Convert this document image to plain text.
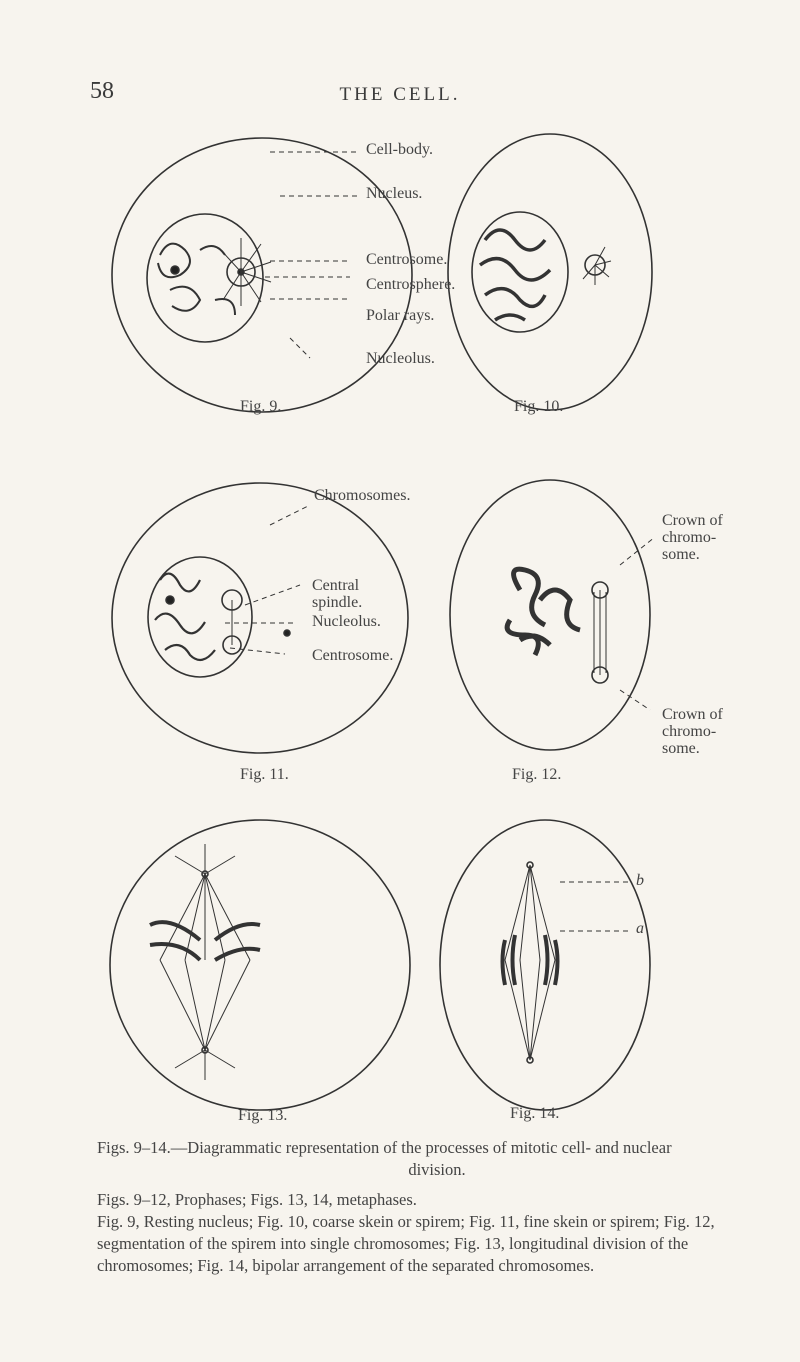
58	THE CELL.
Cell-body.
Nucleus.
Centrosome.
Centrosphere.
Polar rays.
Nucleolus.
Fig. 9.	Fig. 10.
Chromosomes.
Central spindle.
Nucleolus.
Centrosome.
Fig. 11.
Crown of chromo-some.
Crown of chromo-some.
Fig. 12.
Fig. 13.
b
a
Fig. 14.

Figs. 9–14.—Diagrammatic representation of the processes of mitotic cell- and nuclear

division.

Figs. 9–12, Prophases; Figs. 13, 14, metaphases.

Fig. 9, Resting nucleus; Fig. 10, coarse skein or spirem; Fig. 11, fine skein or spirem; Fig. 12, segmentation of the spirem into single chromosomes; Fig. 13, longitudinal division of the chromosomes; Fig. 14, bipolar arrangement of the separated chromosomes.
